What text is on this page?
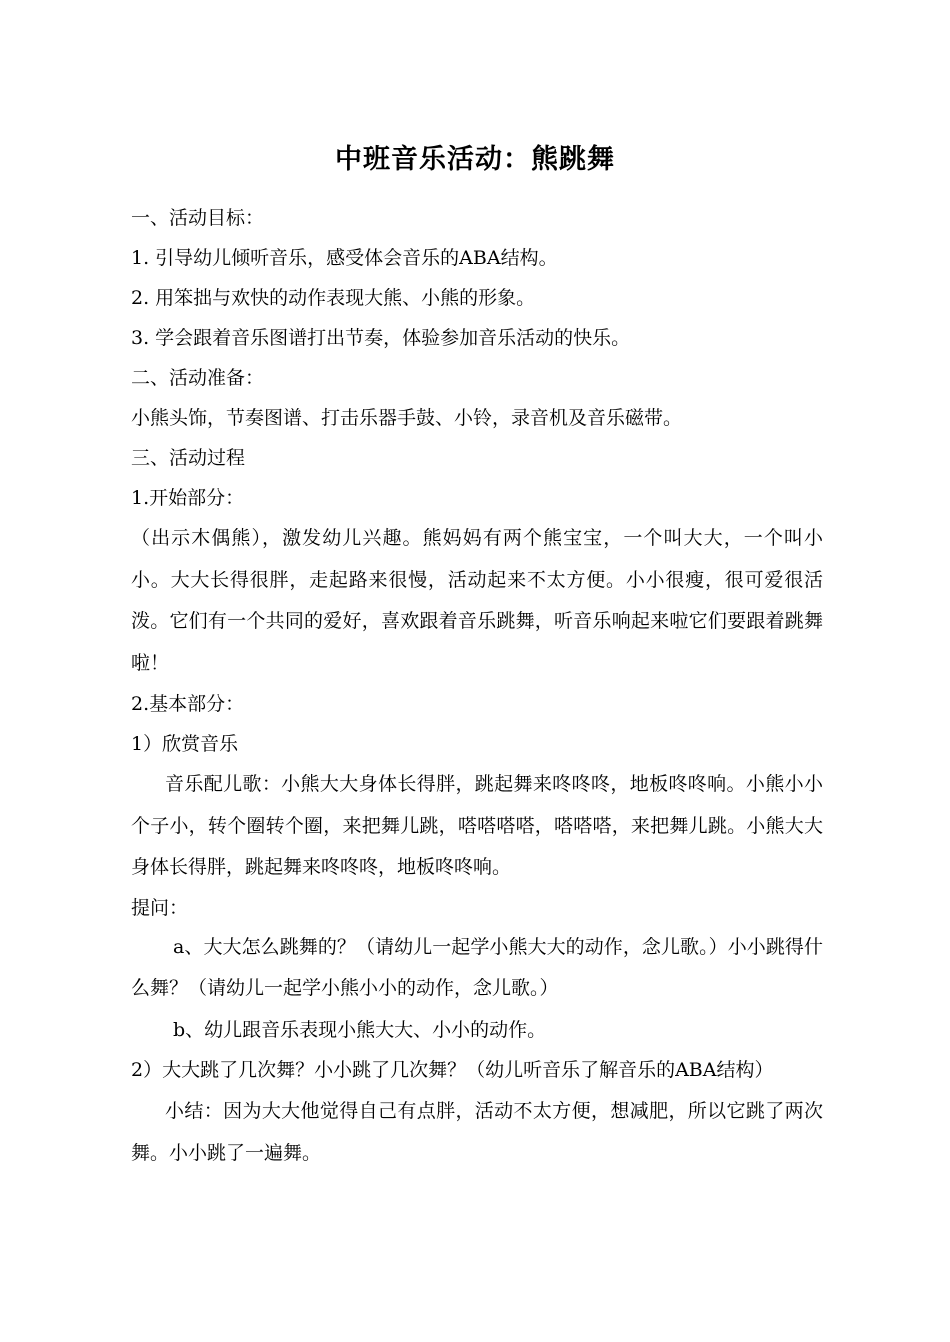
中班音乐活动：熊跳舞
一、活动目标：
1. 引导幼儿倾听音乐，感受体会音乐的ABA结构。
2. 用笨拙与欢快的动作表现大熊、小熊的形象。
3. 学会跟着音乐图谱打出节奏，体验参加音乐活动的快乐。
二、活动准备：
小熊头饰，节奏图谱、打击乐器手鼓、小铃，录音机及音乐磁带。
三、活动过程
1.开始部分：
（出示木偶熊），激发幼儿兴趣。熊妈妈有两个熊宝宝，一个叫大大，一个叫小小。大大长得很胖，走起路来很慢，活动起来不太方便。小小很瘦，很可爱很活泼。它们有一个共同的爱好，喜欢跟着音乐跳舞，听音乐响起来啦它们要跟着跳舞啦！
2.基本部分：
1）欣赏音乐
音乐配儿歌：小熊大大身体长得胖，跳起舞来咚咚咚，地板咚咚响。小熊小小个子小，转个圈转个圈，来把舞儿跳，嗒嗒嗒嗒，嗒嗒嗒，来把舞儿跳。小熊大大身体长得胖，跳起舞来咚咚咚，地板咚咚响。
提问：
a、大大怎么跳舞的？（请幼儿一起学小熊大大的动作，念儿歌。）小小跳得什么舞？（请幼儿一起学小熊小小的动作，念儿歌。）
b、幼儿跟音乐表现小熊大大、小小的动作。
2）大大跳了几次舞？小小跳了几次舞？（幼儿听音乐了解音乐的ABA结构）
小结：因为大大他觉得自己有点胖，活动不太方便，想减肥，所以它跳了两次舞。小小跳了一遍舞。
